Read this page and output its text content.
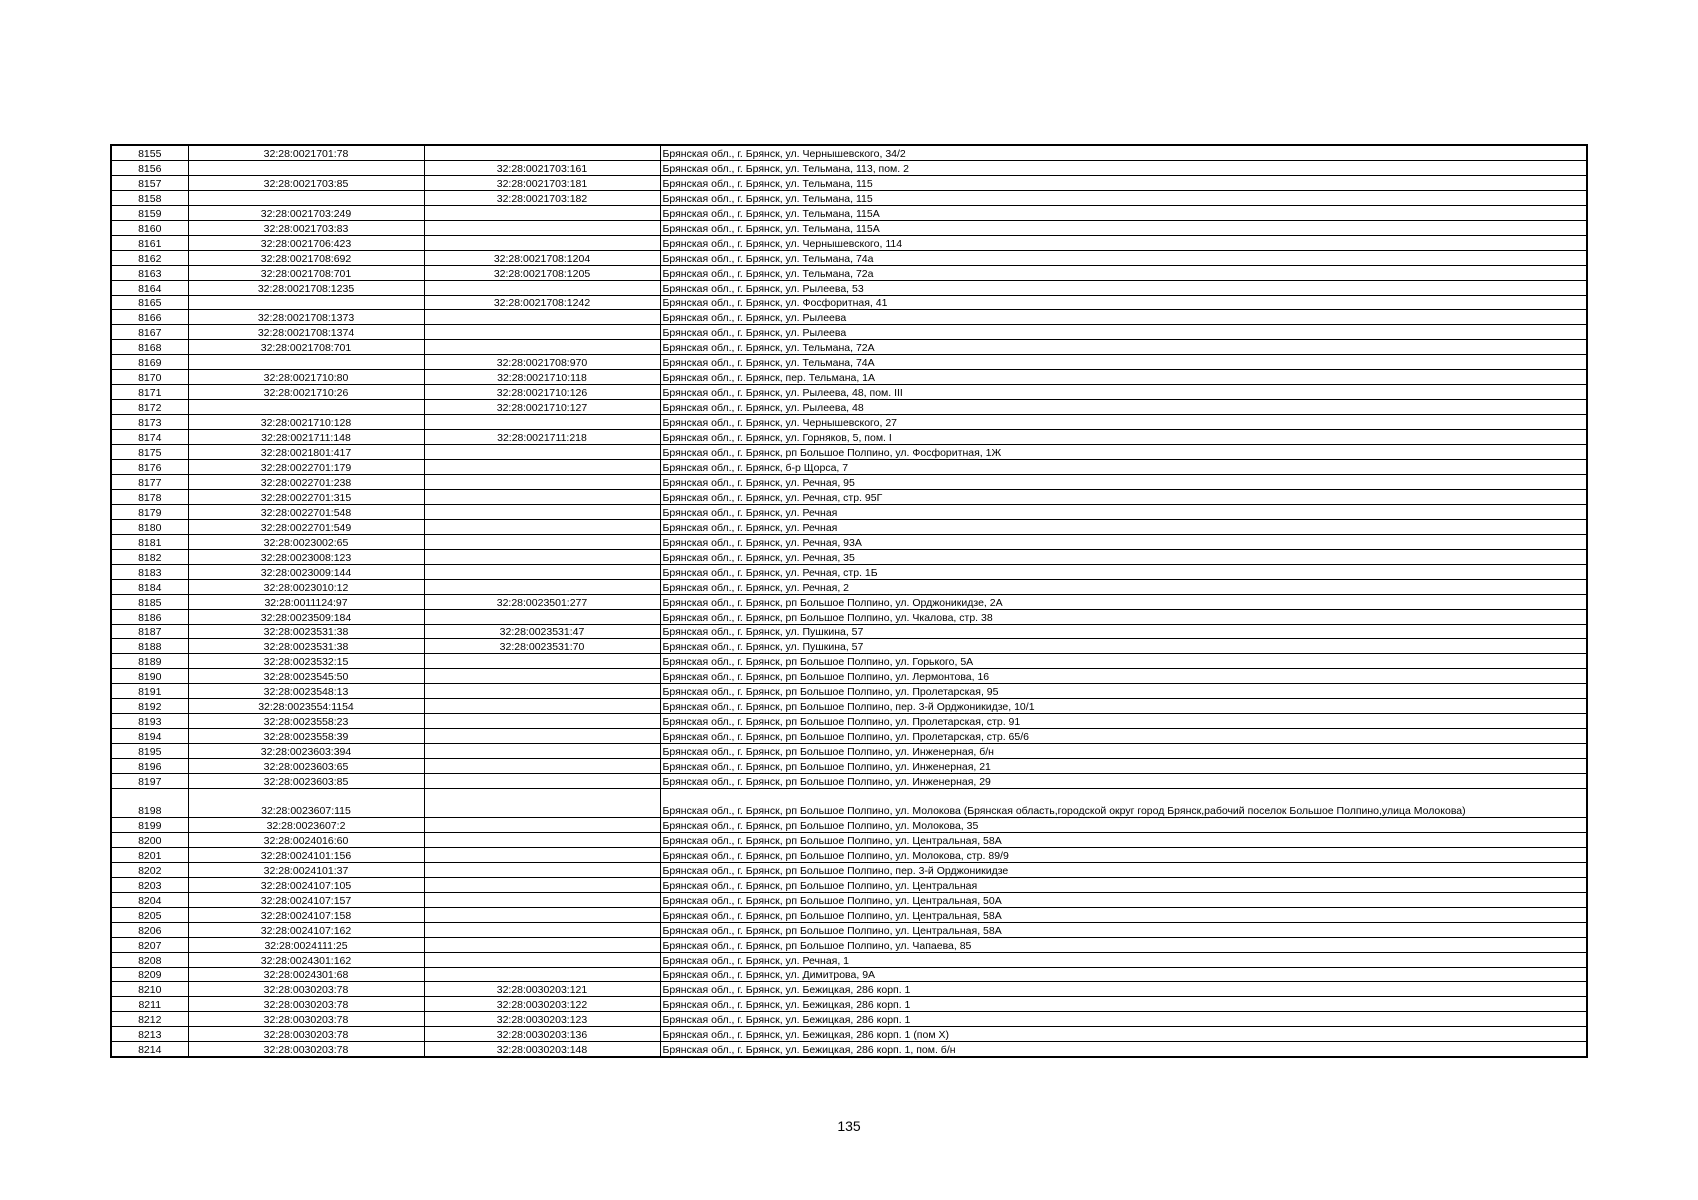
8155	32:28:0021701:78		Брянская обл., г. Брянск, ул. Чернышевского, 34/2
8156		32:28:0021703:161	Брянская обл., г. Брянск, ул. Тельмана, 113, пом. 2
8157	32:28:0021703:85	32:28:0021703:181	Брянская обл., г. Брянск, ул. Тельмана, 115
8158		32:28:0021703:182	Брянская обл., г. Брянск, ул. Тельмана, 115
8159	32:28:0021703:249		Брянская обл., г. Брянск, ул. Тельмана, 115А
8160	32:28:0021703:83		Брянская обл., г. Брянск, ул. Тельмана, 115А
8161	32:28:0021706:423		Брянская обл., г. Брянск, ул. Чернышевского, 114
8162	32:28:0021708:692	32:28:0021708:1204	Брянская обл., г. Брянск, ул. Тельмана, 74а
8163	32:28:0021708:701	32:28:0021708:1205	Брянская обл., г. Брянск, ул. Тельмана, 72а
8164	32:28:0021708:1235		Брянская обл., г. Брянск, ул. Рылеева, 53
8165		32:28:0021708:1242	Брянская обл., г. Брянск, ул. Фосфоритная, 41
8166	32:28:0021708:1373		Брянская обл., г. Брянск, ул. Рылеева
8167	32:28:0021708:1374		Брянская обл., г. Брянск, ул. Рылеева
8168	32:28:0021708:701		Брянская обл., г. Брянск, ул. Тельмана, 72А
8169		32:28:0021708:970	Брянская обл., г. Брянск, ул. Тельмана, 74А
8170	32:28:0021710:80	32:28:0021710:118	Брянская обл., г. Брянск, пер. Тельмана, 1А
8171	32:28:0021710:26	32:28:0021710:126	Брянская обл., г. Брянск, ул. Рылеева, 48, пом. III
8172		32:28:0021710:127	Брянская обл., г. Брянск, ул. Рылеева, 48
8173	32:28:0021710:128		Брянская обл., г. Брянск, ул. Чернышевского, 27
8174	32:28:0021711:148	32:28:0021711:218	Брянская обл., г. Брянск, ул. Горняков, 5, пом. I
8175	32:28:0021801:417		Брянская обл., г. Брянск, рп Большое Полпино, ул. Фосфоритная, 1Ж
8176	32:28:0022701:179		Брянская обл., г. Брянск, б-р Щорса, 7
8177	32:28:0022701:238		Брянская обл., г. Брянск, ул. Речная, 95
8178	32:28:0022701:315		Брянская обл., г. Брянск, ул. Речная, стр. 95Г
8179	32:28:0022701:548		Брянская обл., г. Брянск, ул. Речная
8180	32:28:0022701:549		Брянская обл., г. Брянск, ул. Речная
8181	32:28:0023002:65		Брянская обл., г. Брянск, ул. Речная, 93А
8182	32:28:0023008:123		Брянская обл., г. Брянск, ул. Речная, 35
8183	32:28:0023009:144		Брянская обл., г. Брянск, ул. Речная, стр. 1Б
8184	32:28:0023010:12		Брянская обл., г. Брянск, ул. Речная, 2
8185	32:28:0011124:97	32:28:0023501:277	Брянская обл., г. Брянск, рп Большое Полпино, ул. Орджоникидзе, 2А
8186	32:28:0023509:184		Брянская обл., г. Брянск, рп Большое Полпино, ул. Чкалова, стр. 38
8187	32:28:0023531:38	32:28:0023531:47	Брянская обл., г. Брянск, ул. Пушкина, 57
8188	32:28:0023531:38	32:28:0023531:70	Брянская обл., г. Брянск, ул. Пушкина, 57
8189	32:28:0023532:15		Брянская обл., г. Брянск, рп Большое Полпино, ул. Горького, 5А
8190	32:28:0023545:50		Брянская обл., г. Брянск, рп Большое Полпино, ул. Лермонтова, 16
8191	32:28:0023548:13		Брянская обл., г. Брянск, рп Большое Полпино, ул. Пролетарская, 95
8192	32:28:0023554:1154		Брянская обл., г. Брянск, рп Большое Полпино, пер. 3-й Орджоникидзе, 10/1
8193	32:28:0023558:23		Брянская обл., г. Брянск, рп Большое Полпино, ул. Пролетарская, стр. 91
8194	32:28:0023558:39		Брянская обл., г. Брянск, рп Большое Полпино, ул. Пролетарская, стр. 65/6
8195	32:28:0023603:394		Брянская обл., г. Брянск, рп Большое Полпино, ул. Инженерная, б/н
8196	32:28:0023603:65		Брянская обл., г. Брянск, рп Большое Полпино, ул. Инженерная, 21
8197	32:28:0023603:85		Брянская обл., г. Брянск, рп Большое Полпино, ул. Инженерная, 29
8198	32:28:0023607:115		Брянская обл., г. Брянск, рп Большое Полпино, ул. Молокова (Брянская область,городской округ город Брянск,рабочий поселок Большое Полпино,улица Молокова)
8199	32:28:0023607:2		Брянская обл., г. Брянск, рп Большое Полпино, ул. Молокова, 35
8200	32:28:0024016:60		Брянская обл., г. Брянск, рп Большое Полпино, ул. Центральная, 58А
8201	32:28:0024101:156		Брянская обл., г. Брянск, рп Большое Полпино, ул. Молокова, стр. 89/9
8202	32:28:0024101:37		Брянская обл., г. Брянск, рп Большое Полпино, пер. 3-й Орджоникидзе
8203	32:28:0024107:105		Брянская обл., г. Брянск, рп Большое Полпино, ул. Центральная
8204	32:28:0024107:157		Брянская обл., г. Брянск, рп Большое Полпино, ул. Центральная, 50А
8205	32:28:0024107:158		Брянская обл., г. Брянск, рп Большое Полпино, ул. Центральная, 58А
8206	32:28:0024107:162		Брянская обл., г. Брянск, рп Большое Полпино, ул. Центральная, 58А
8207	32:28:0024111:25		Брянская обл., г. Брянск, рп Большое Полпино, ул. Чапаева, 85
8208	32:28:0024301:162		Брянская обл., г. Брянск, ул. Речная, 1
8209	32:28:0024301:68		Брянская обл., г. Брянск, ул. Димитрова, 9А
8210	32:28:0030203:78	32:28:0030203:121	Брянская обл., г. Брянск, ул. Бежицкая, 286 корп. 1
8211	32:28:0030203:78	32:28:0030203:122	Брянская обл., г. Брянск, ул. Бежицкая, 286 корп. 1
8212	32:28:0030203:78	32:28:0030203:123	Брянская обл., г. Брянск, ул. Бежицкая, 286 корп. 1
8213	32:28:0030203:78	32:28:0030203:136	Брянская обл., г. Брянск, ул. Бежицкая, 286 корп. 1 (пом X)
8214	32:28:0030203:78	32:28:0030203:148	Брянская обл., г. Брянск, ул. Бежицкая, 286 корп. 1, пом. б/н
135
